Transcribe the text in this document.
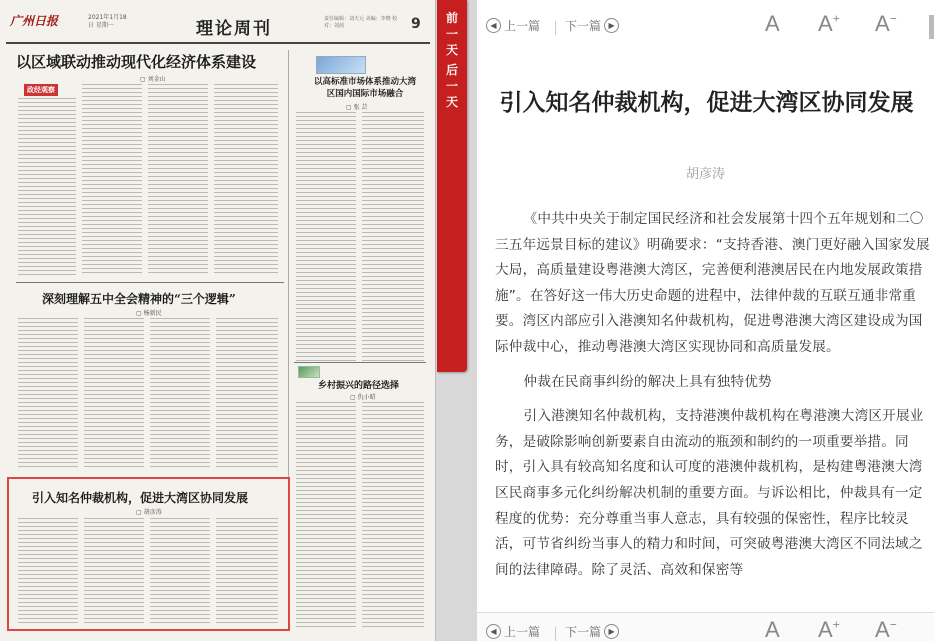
广州日报	2021年1月18日 星期一	理论周刊	责任编辑：刘天元 美编：李晓 校对：刘茜	9
以区域联动推动现代化经济体系建设
▢ 刘金山
政经观察
深刻理解五中全会精神的“三个逻辑”
▢ 杨新民
引入知名仲裁机构，促进大湾区协同发展
▢ 胡彦涛
以高标准市场体系推动大湾区国内国际市场融合
▢ 张 芸
乡村振兴的路径选择
▢ 仇小昭
前一天
后一天
◀ 上一篇 下一篇 ▶	A A+ A−
引入知名仲裁机构，促进大湾区协同发展
胡彦涛

《中共中央关于制定国民经济和社会发展第十四个五年规划和二〇三五年远景目标的建议》明确要求：“支持香港、澳门更好融入国家发展大局，高质量建设粤港澳大湾区，完善便利港澳居民在内地发展政策措施”。在答好这一伟大历史命题的进程中，法律仲裁的互联互通非常重要。湾区内部应引入港澳知名仲裁机构，促进粤港澳大湾区建设成为国际仲裁中心，推动粤港澳大湾区实现协同和高质量发展。

仲裁在民商事纠纷的解决上具有独特优势

引入港澳知名仲裁机构，支持港澳仲裁机构在粤港澳大湾区开展业务，是破除影响创新要素自由流动的瓶颈和制约的一项重要举措。同时，引入具有较高知名度和认可度的港澳仲裁机构，是构建粤港澳大湾区民商事多元化纠纷解决机制的重要方面。与诉讼相比，仲裁具有一定程度的优势：充分尊重当事人意志，具有较强的保密性，程序比较灵活，可节省纠纷当事人的精力和时间，可突破粤港澳大湾区不同法域之间的法律障碍。除了灵活、高效和保密等

◀ 上一篇 下一篇 ▶	A A+ A−
